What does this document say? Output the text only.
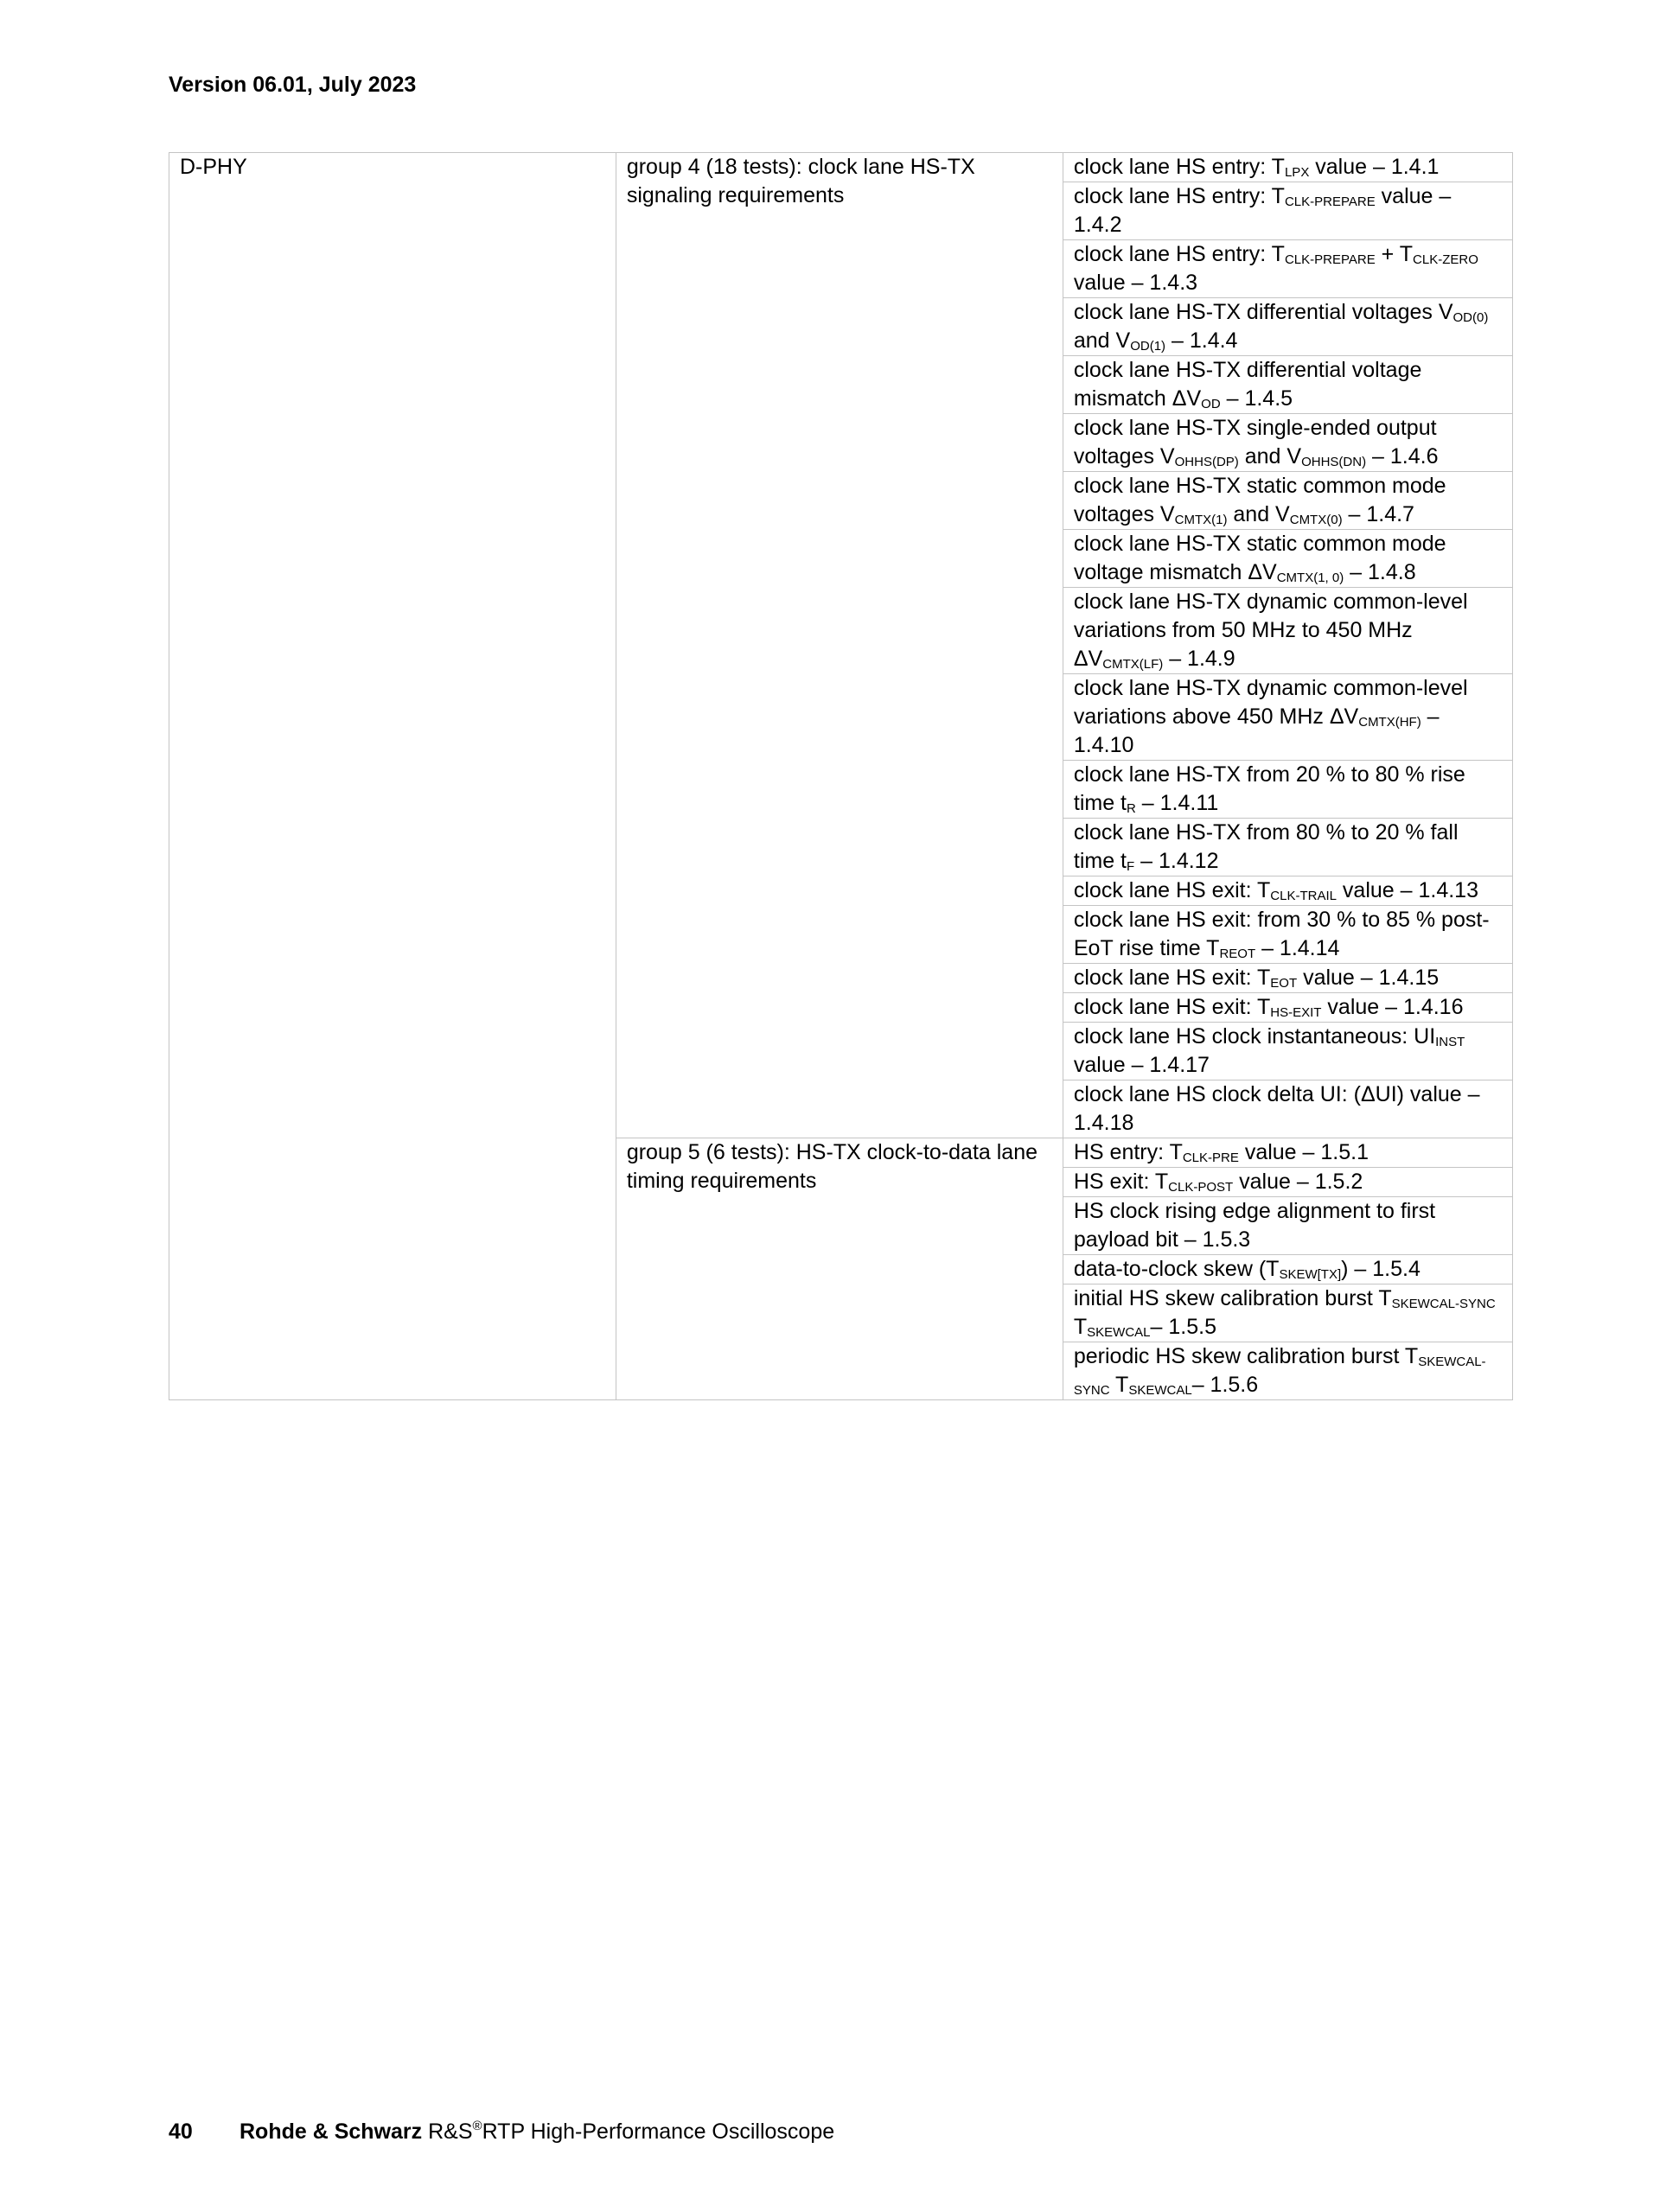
Version 06.01, July 2023
D-PHY	group 4 (18 tests): clock lane HS-TX signaling requirements	clock lane HS entry: $T_{LPX}$ value – 1.4.1
		clock lane HS entry: $T_{CLK-PREPARE}$ value – 1.4.2
		clock lane HS entry: $T_{CLK-PREPARE} + T_{CLK-ZERO}$ value – 1.4.3
		clock lane HS-TX differential voltages $V_{OD(0)}$ and $V_{OD(1)} - 1.4.4$
		clock lane HS-TX differential voltage mismatch $\Delta V_{OD} - 1.4.5$
		clock lane HS-TX single-ended output voltages $V_{OHHS(DP)}$ and $V_{OHHS(DN)} - 1.4.6$
		clock lane HS-TX static common mode voltages $V_{CMTX(1)}$ and $V_{CMTX(0)} - 1.4.7$
		clock lane HS-TX static common mode voltage mismatch $\Delta V_{CMTX(1, 0)} - 1.4.8$
		clock lane HS-TX dynamic common-level variations from 50 MHz to 450 MHz $\Delta V_{CMTX(LF)} - 1.4.9$
		clock lane HS-TX dynamic common-level variations above 450 MHz $\Delta V_{CMTX(HF)} - 1.4.10$
		clock lane HS-TX from 20 % to 80 % rise time $t_R - 1.4.11$
		clock lane HS-TX from 80 % to 20 % fall time $t_F - 1.4.12$
		clock lane HS exit: $T_{CLK-TRAIL}$ value – 1.4.13
		clock lane HS exit: from 30 % to 85 % post-EoT rise time $T_{REOT} - 1.4.14$
		clock lane HS exit: $T_{EOT}$ value – 1.4.15
		clock lane HS exit: $T_{HS-EXIT}$ value – 1.4.16
		clock lane HS clock instantaneous: $UI_{INST}$ value – 1.4.17
		clock lane HS clock delta UI: (ΔUI) value – 1.4.18
	group 5 (6 tests): HS-TX clock-to-data lane timing requirements	HS entry: $T_{CLK-PRE}$ value – 1.5.1
		HS exit: $T_{CLK-POST}$ value – 1.5.2
		HS clock rising edge alignment to first payload bit – 1.5.3
		data-to-clock skew $(T_{SKEW[TX]}) - 1.5.4$
		initial HS skew calibration burst $T_{SKEWCAL-SYNC}$ $T_{SKEWCAL}-$ 1.5.5
		periodic HS skew calibration burst $T_{SKEWCAL-SYNC}$ $T_{SKEWCAL}-$ 1.5.6
40 Rohde & Schwarz R&S®RTP High-Performance Oscilloscope
